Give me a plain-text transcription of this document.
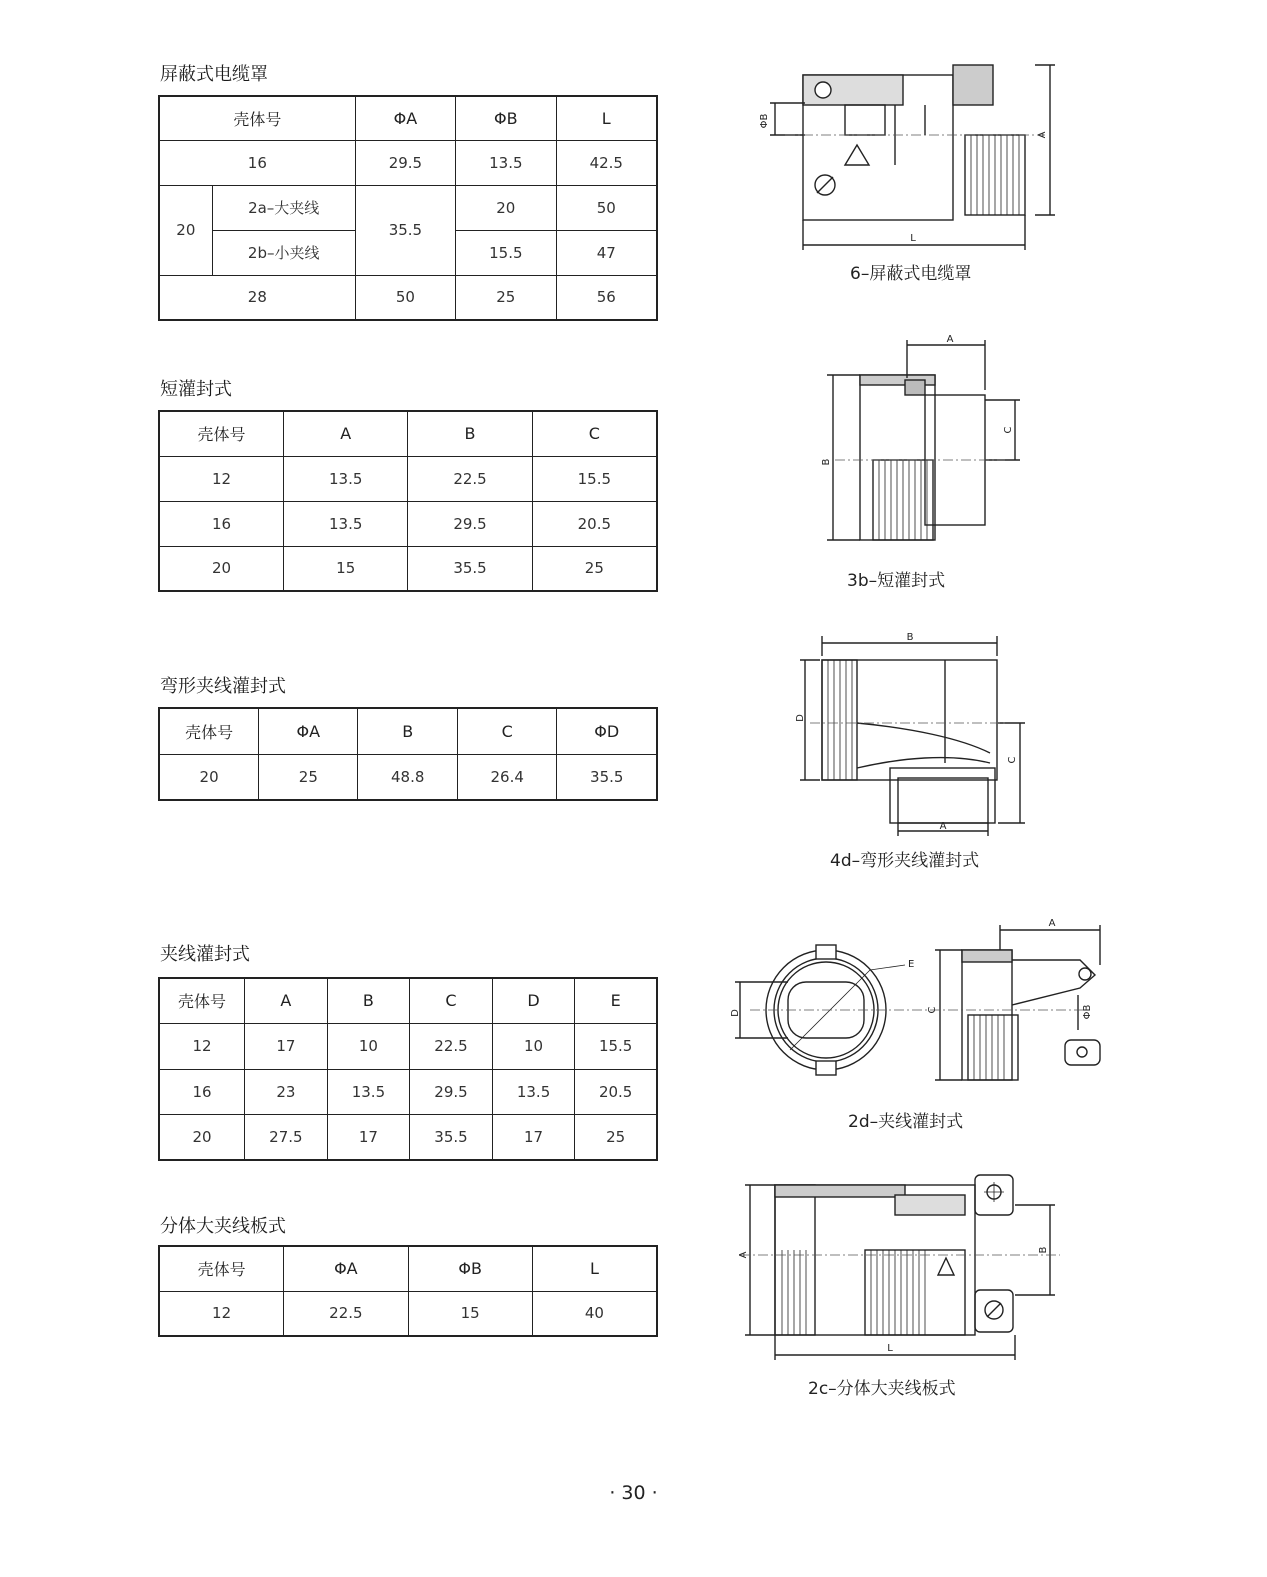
屏蔽式电缆罩
壳体号		ΦA	ΦB	L
16		29.5	13.5	42.5
20	2a–大夹线	35.5	20	50
	2b–小夹线		15.5	47
28		50	25	56
ΦB
A
L
6–屏蔽式电缆罩
短灌封式
壳体号	A	B	C
12	13.5	22.5	15.5
16	13.5	29.5	20.5
20	15	35.5	25
A
B
C
3b–短灌封式
弯形夹线灌封式
壳体号	ΦA	B	C	ΦD
20	25	48.8	26.4	35.5
B
D
C
A
4d–弯形夹线灌封式
夹线灌封式
壳体号	A	B	C	D	E
12	17	10	22.5	10	15.5
16	23	13.5	29.5	13.5	20.5
20	27.5	17	35.5	17	25
D
E
C
A
ΦB
2d–夹线灌封式
分体大夹线板式
壳体号	ΦA	ΦB	L
12	22.5	15	40
A
B
L
2c–分体大夹线板式
· 30 ·
